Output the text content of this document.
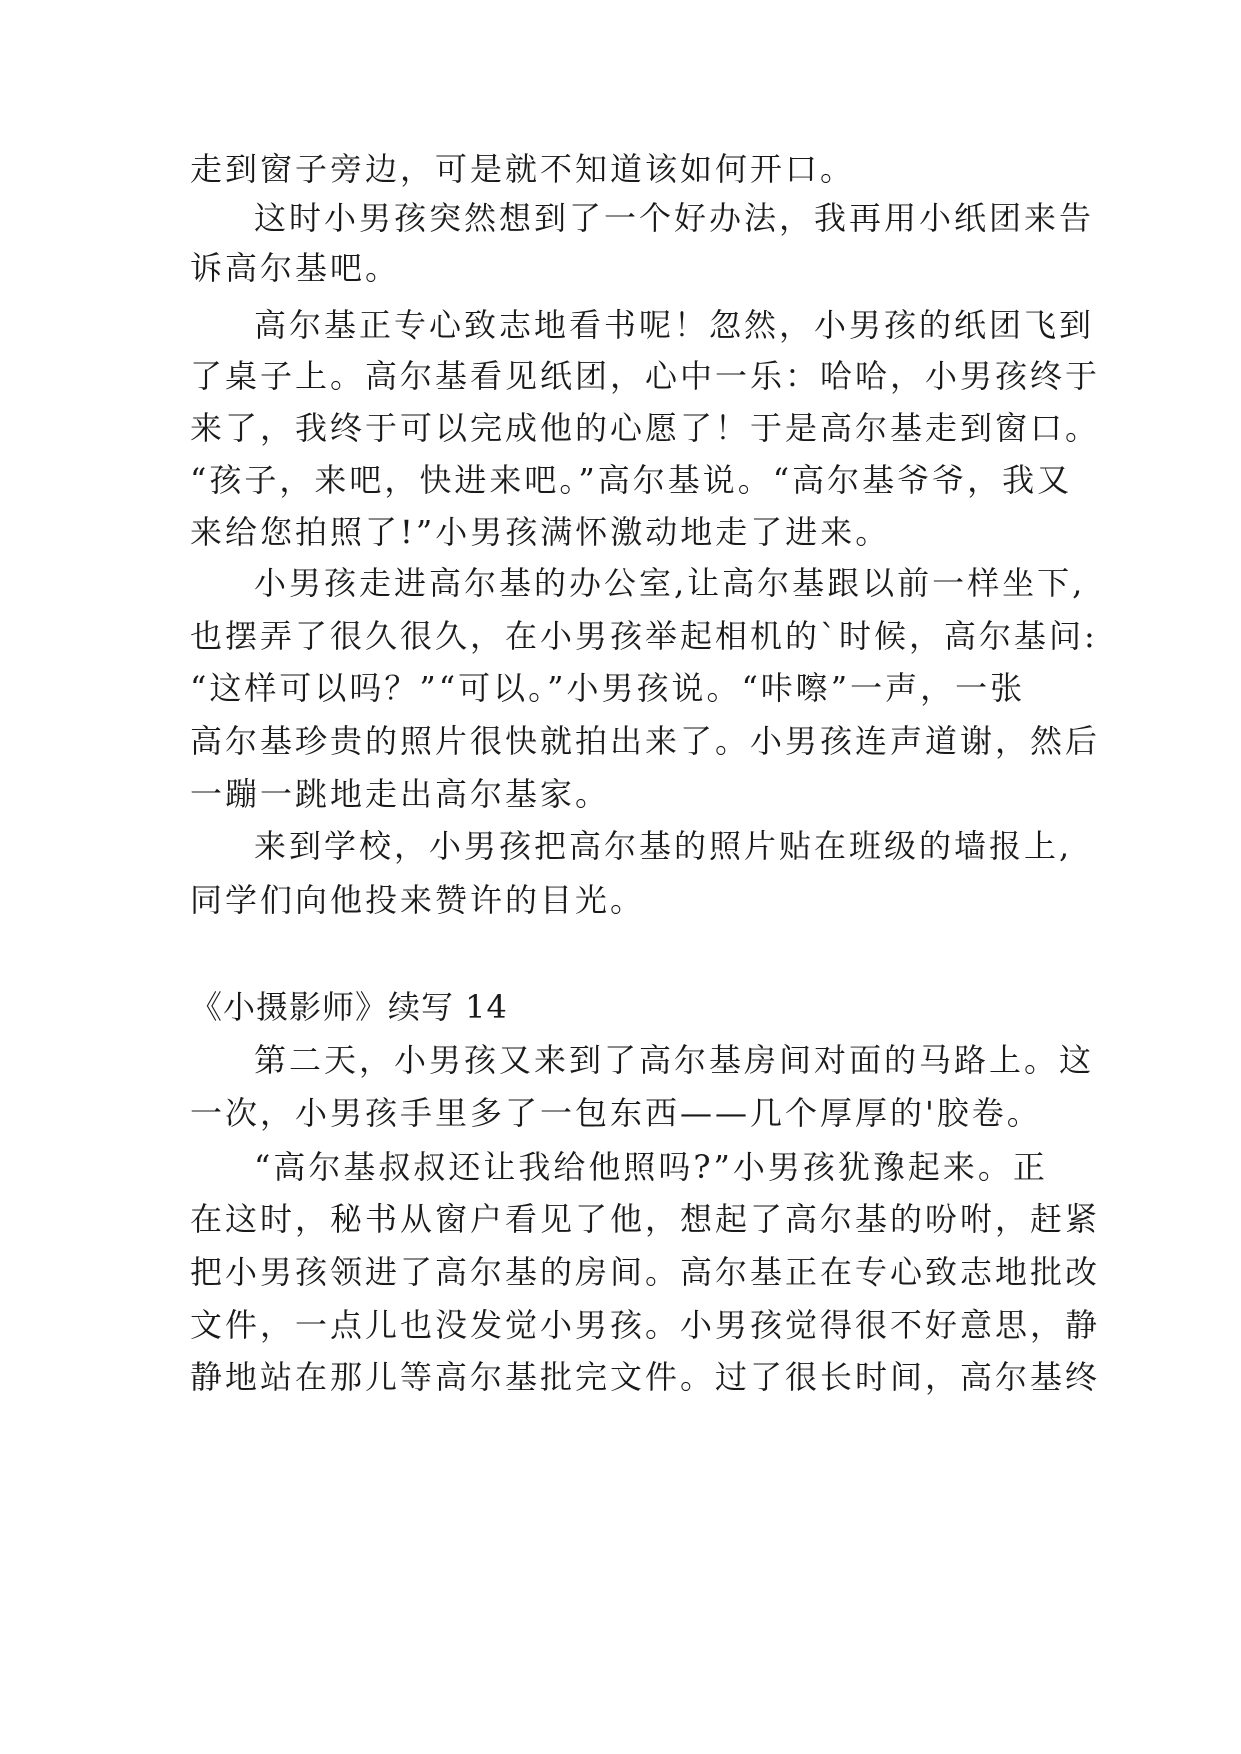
走到窗子旁边，可是就不知道该如何开口。
这时小男孩突然想到了一个好办法，我再用小纸团来告
诉高尔基吧。
高尔基正专心致志地看书呢！忽然，小男孩的纸团飞到
了桌子上。高尔基看见纸团，心中一乐：哈哈，小男孩终于
来了，我终于可以完成他的心愿了！于是高尔基走到窗口。
“孩子，来吧，快进来吧。”高尔基说。“高尔基爷爷，我又
来给您拍照了!”小男孩满怀激动地走了进来。
小男孩走进高尔基的办公室,让高尔基跟以前一样坐下,
也摆弄了很久很久，在小男孩举起相机的`时候，高尔基问:
“这样可以吗？”“可以。”小男孩说。“咔嚓”一声，一张
高尔基珍贵的照片很快就拍出来了。小男孩连声道谢，然后
一蹦一跳地走出高尔基家。
来到学校，小男孩把高尔基的照片贴在班级的墙报上,
同学们向他投来赞许的目光。
《小摄影师》续写 14
第二天，小男孩又来到了高尔基房间对面的马路上。这
一次，小男孩手里多了一包东西——几个厚厚的'胶卷。
“高尔基叔叔还让我给他照吗?”小男孩犹豫起来。正
在这时，秘书从窗户看见了他，想起了高尔基的吩咐，赶紧
把小男孩领进了高尔基的房间。高尔基正在专心致志地批改
文件，一点儿也没发觉小男孩。小男孩觉得很不好意思，静
静地站在那儿等高尔基批完文件。过了很长时间，高尔基终
